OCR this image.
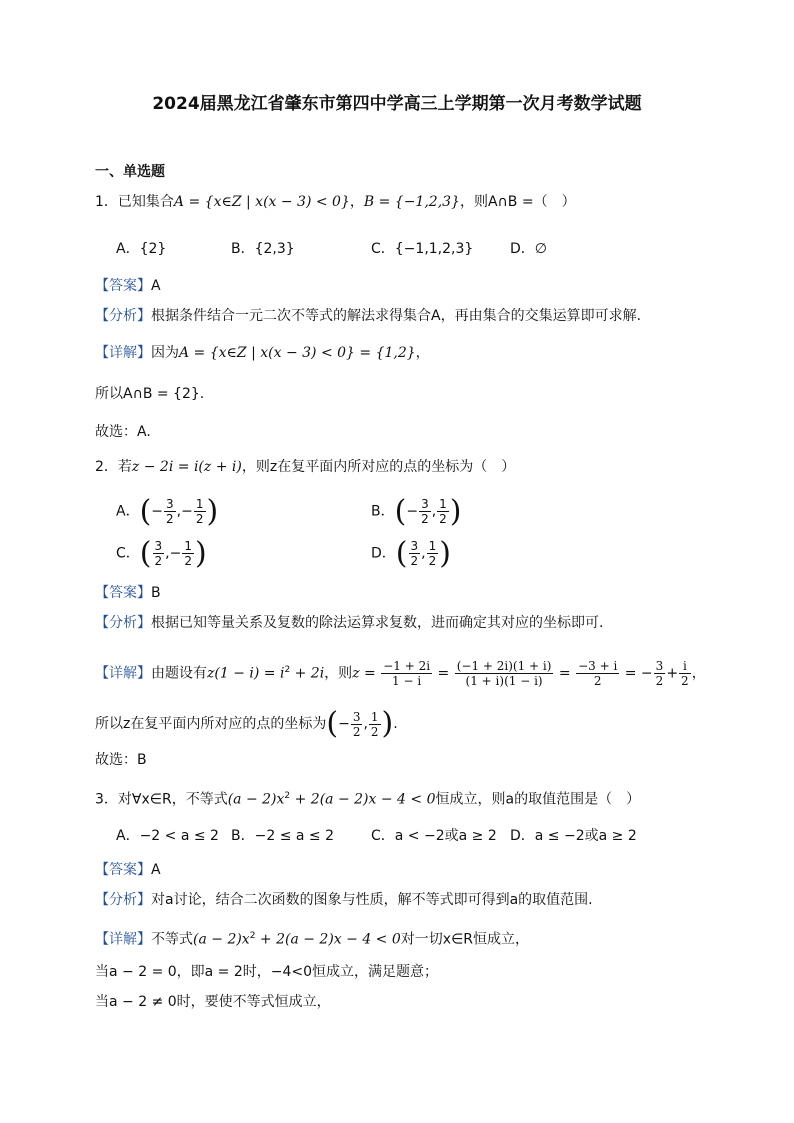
2024届黑龙江省肇东市第四中学高三上学期第一次月考数学试题
一、单选题
1．已知集合A = {x∈Z | x(x − 3) < 0}，B = {−1,2,3}，则A∩B =（　）
A．{2}	B．{2,3}	C．{−1,1,2,3}	D．∅
【答案】A
【分析】根据条件结合一元二次不等式的解法求得集合A，再由集合的交集运算即可求解.
【详解】因为A = {x∈Z | x(x − 3) < 0} = {1,2}，
所以A∩B = {2}.
故选：A.
2．若z − 2i = i(z + i)，则z在复平面内所对应的点的坐标为（　）
A．(− $\frac{3}{2}$ ,− $\frac{1}{2}$ )	B．(− $\frac{3}{2}$ , $\frac{1}{2}$ )
C．( $\frac{3}{2}$ ,− $\frac{1}{2}$ )	D．( $\frac{3}{2}$ , $\frac{1}{2}$ )
【答案】B
【分析】根据已知等量关系及复数的除法运算求复数，进而确定其对应的坐标即可.
【详解】由题设有$z(1 - i) = i^2 + 2i$，则$z = \frac{-1 + 2i}{1 - i} = \frac{(-1 + 2i)(1 + i)}{(1 + i)(1 - i)} = \frac{-3 + i}{2}$ = − $\frac{3}{2} + \frac{i}{2}$ ，
所以z在复平面内所对应的点的坐标为(− $\frac{3}{2}$ , $\frac{1}{2}$ ).
故选：B
3．对∀x∈R，不等式$(a - 2)x^2 + 2(a - 2)x - 4 < 0$恒成立，则a的取值范围是（　）
A．−2 < a ≤ 2 B．−2 ≤ a ≤ 2	C．a < −2或a ≥ 2 D．a ≤ −2或a ≥ 2
【答案】A
【分析】对a讨论，结合二次函数的图象与性质，解不等式即可得到a的取值范围.
【详解】不等式$(a - 2)x^2 + 2(a - 2)x - 4 < 0$对一切x∈R恒成立，
当a − 2 = 0，即a = 2时，−4<0恒成立，满足题意；
当a − 2 ≠ 0时，要使不等式恒成立，
